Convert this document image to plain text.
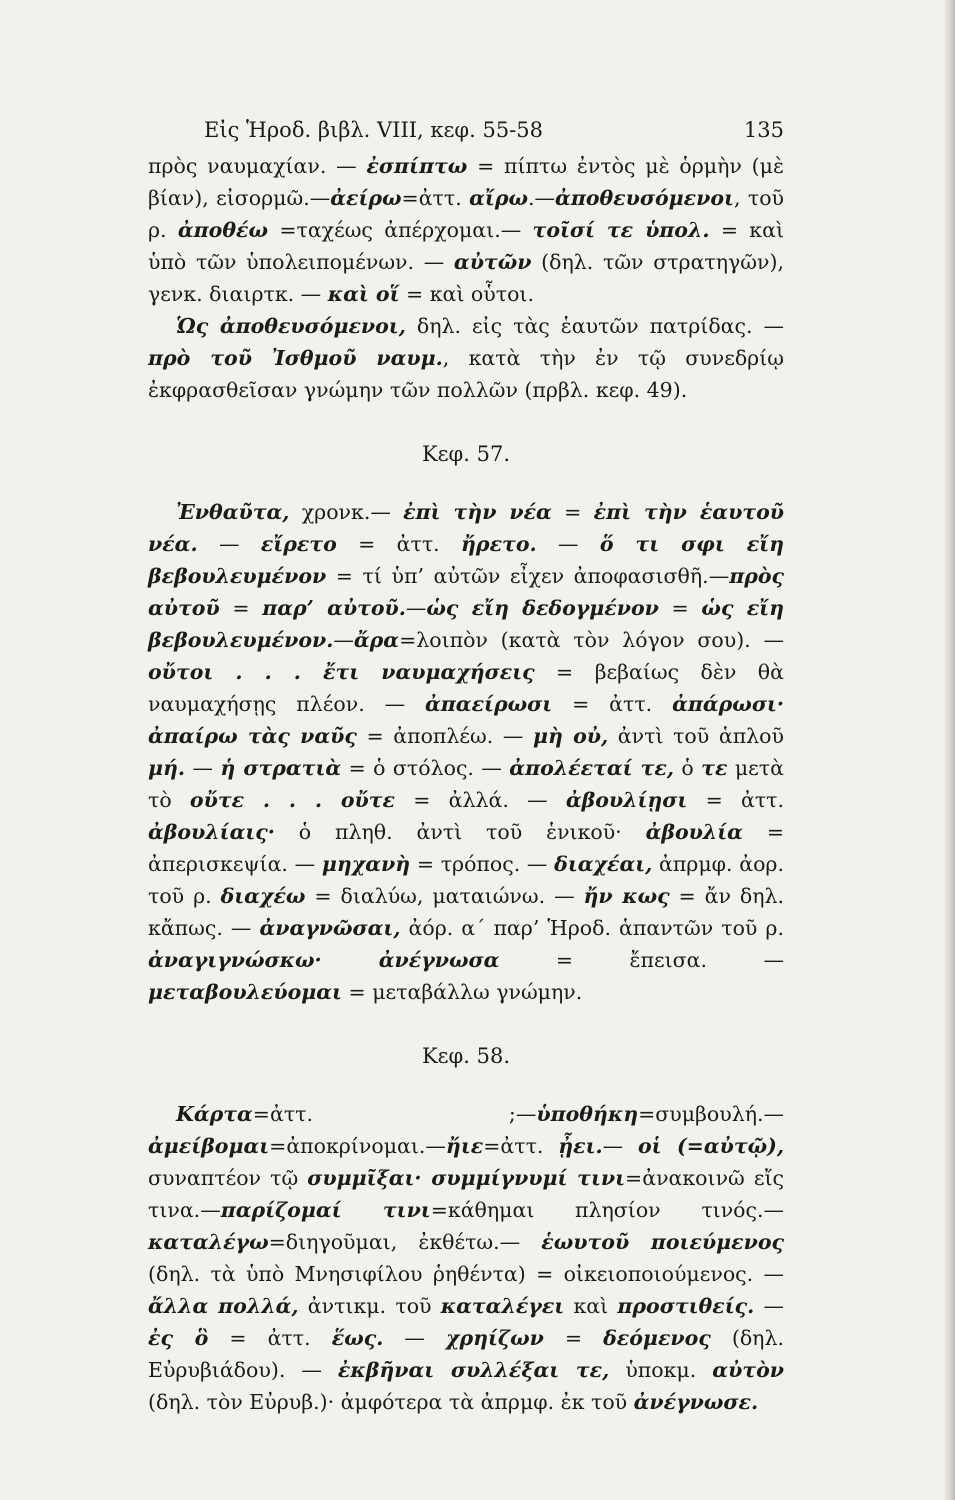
Εἰς Ἡροδ. βιβλ. VIII, κεφ. 55-58	135

πρὸς ναυμαχίαν. — ἐσπίπτω = πίπτω ἐντὸς μὲ ὁρμὴν (μὲ βίαν), εἰσορμῶ.—ἀείρω=ἀττ. αἴρω.—ἀποθευσόμενοι, τοῦ ρ. ἀποθέω =ταχέως ἀπέρχομαι.— τοῖσί τε ὑπολ. = καὶ ὑπὸ τῶν ὑπολειπομένων. — αὐτῶν (δηλ. τῶν στρατηγῶν), γενκ. διαιρτκ. — καὶ οἵ = καὶ οὗτοι.

Ὡς ἀποθευσόμενοι, δηλ. εἰς τὰς ἑαυτῶν πατρίδας. — πρὸ τοῦ Ἰσθμοῦ ναυμ., κατὰ τὴν ἐν τῷ συνεδρίῳ ἐκφρασθεῖσαν γνώμην τῶν πολλῶν (πρβλ. κεφ. 49).

Κεφ. 57.

Ἐνθαῦτα, χρονκ.— ἐπὶ τὴν νέα = ἐπὶ τὴν ἑαυτοῦ νέα. — εἴρετο = ἀττ. ἤρετο. — ὅ τι σφι εἴη βεβουλευμένον = τί ὑπ’ αὐτῶν εἶχεν ἀποφασισθῆ.—πρὸς αὐτοῦ = παρ’ αὐτοῦ.—ὡς εἴη δεδογμένον = ὡς εἴη βεβουλευμένον.—ἄρα=λοιπὸν (κατὰ τὸν λόγον σου). — οὔτοι . . . ἔτι ναυμαχήσεις = βεβαίως δὲν θὰ ναυμαχήσῃς πλέον. — ἀπαείρωσι = ἀττ. ἀπάρωσι· ἀπαίρω τὰς ναῦς = ἀποπλέω. — μὴ οὐ, ἀντὶ τοῦ ἁπλοῦ μή. — ἡ στρατιὰ = ὁ στόλος. — ἀπολέεταί τε, ὁ τε μετὰ τὸ οὔτε . . . οὔτε = ἀλλά. — ἀβουλίῃσι = ἀττ. ἀβουλίαις· ὁ πληθ. ἀντὶ τοῦ ἑνικοῦ· ἀβουλία = ἀπερισκεψία. — μηχανὴ = τρόπος. — διαχέαι, ἀπρμφ. ἀορ. τοῦ ρ. διαχέω = διαλύω, ματαιώνω. — ἤν κως = ἄν δηλ. κἄπως. — ἀναγνῶσαι, ἀόρ. α΄ παρ’ Ἡροδ. ἁπαντῶν τοῦ ρ. ἀναγιγνώσκω· ἀνέγνωσα = ἔπεισα. — μεταβουλεύομαι = μεταβάλλω γνώμην.

Κεφ. 58.

Κάρτα=ἀττ. ;—ὑποθήκη=συμβουλή.— ἀμείβομαι=ἀποκρίνομαι.—ἤιε=ἀττ. ᾖει.— οἱ (=αὐτῷ), συναπτέον τῷ συμμῖξαι· συμμίγνυμί τινι=ἀνακοινῶ εἴς τινα.—παρίζομαί τινι=κάθημαι πλησίον τινός.—καταλέγω=διηγοῦμαι, ἐκθέτω.— ἑωυτοῦ ποιεύμενος (δηλ. τὰ ὑπὸ Μνησιφίλου ῥηθέντα) = οἰκειοποιούμενος. — ἄλλα πολλά, ἀντικμ. τοῦ καταλέγει καὶ προστιθείς. — ἐς ὃ = ἀττ. ἕως. — χρηίζων = δεόμενος (δηλ. Εὐρυβιάδου). — ἐκβῆναι συλλέξαι τε, ὑποκμ. αὐτὸν (δηλ. τὸν Εὐρυβ.)· ἀμφότερα τὰ ἀπρμφ. ἐκ τοῦ ἀνέγνωσε.
